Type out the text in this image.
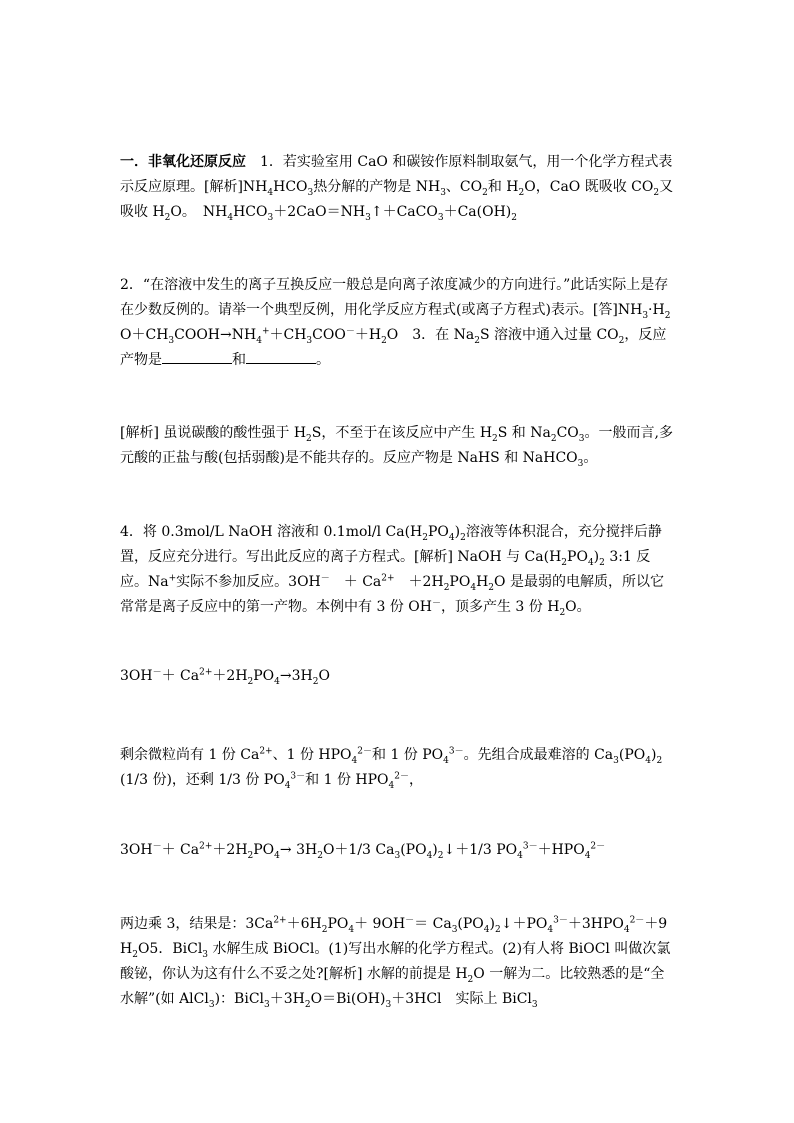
一．非氧化还原反应　 1．若实验室用 CaO 和碳铵作原料制取氨气，用一个化学方程式表示反应原理。[解析]$NH_4HCO_3$热分解的产物是 $NH_3$、$CO_2$和 $H_2O$，CaO 既吸收 $CO_2$又吸收 $H_2O$。　$NH_4HCO_3+2CaO=NH_3↑+CaCO_3+Ca(OH)_2$

2．“在溶液中发生的离子互换反应一般总是向离子浓度减少的方向进行。”此话实际上是存在少数反例的。请举一个典型反例，用化学反应方程式(或离子方程式)表示。[答]$NH_3\cdot H_2O+CH_3COOH\to NH_4^++CH_3COO^-+H_2O$　3．在 $Na_2S$ 溶液中通入过量 $CO_2$，反应产物是	和	。

[解析] 虽说碳酸的酸性强于 $H_2S$，不至于在该反应中产生 $H_2S$ 和 $Na_2CO_3$。一般而言,多元酸的正盐与酸(包括弱酸)是不能共存的。反应产物是 NaHS 和 NaHCO$_3$。

4．将 0.3mol/L NaOH 溶液和 0.1mol/l $Ca(H_2PO_4)_2$溶液等体积混合，充分搅拌后静置，反应充分进行。写出此反应的离子方程式。[解析] NaOH 与 $Ca(H_2PO_4)_2$ 3:1 反应。Na+实际不参加反应。3OH－　＋ $Ca^{2+}$　$+2H_2PO_4H_2O$ 是最弱的电解质，所以它常常是离子反应中的第一产物。本例中有 3 份 OH－，顶多产生 3 份 $H_2O$。

$3OH^-+ Ca^{2+}+2H_2PO_4\to 3H_2O$

剩余微粒尚有 1 份 $Ca^{2+}$、1 份 $HPO_4^{2-}$和 1 份 $PO_4^{3-}$。先组合成最难溶的 $Ca_3(PO_4)_2(1/3$ 份)，还剩 1/3 份 $PO_4^{3-}$和 1 份 $HPO_4^{2-}$，

$3OH^-+ Ca^{2+}+2H_2PO_4\to 3H_2O+1/3$ $Ca_3(PO_4)_2↓+1/3$ $PO_4^{3-}+HPO_4^{2-}$

两边乘 3，结果是：$3Ca^{2+}+6H_2PO_4+ 9OH^-=$ $Ca_3(PO_4)_2↓+PO_4^{3-}+3HPO_4^{2-}+9H_2O5$．BiCl$_3$ 水解生成 BiOCl。(1)写出水解的化学方程式。(2)有人将 BiOCl 叫做次氯酸铋，你认为这有什么不妥之处?[解析] 水解的前提是 $H_2O$ 一解为二。比较熟悉的是“全水解”(如 AlCl$_3$)：$BiCl_3+3H_2O=Bi(OH)_3+3HCl$　实际上 BiCl$_3$
